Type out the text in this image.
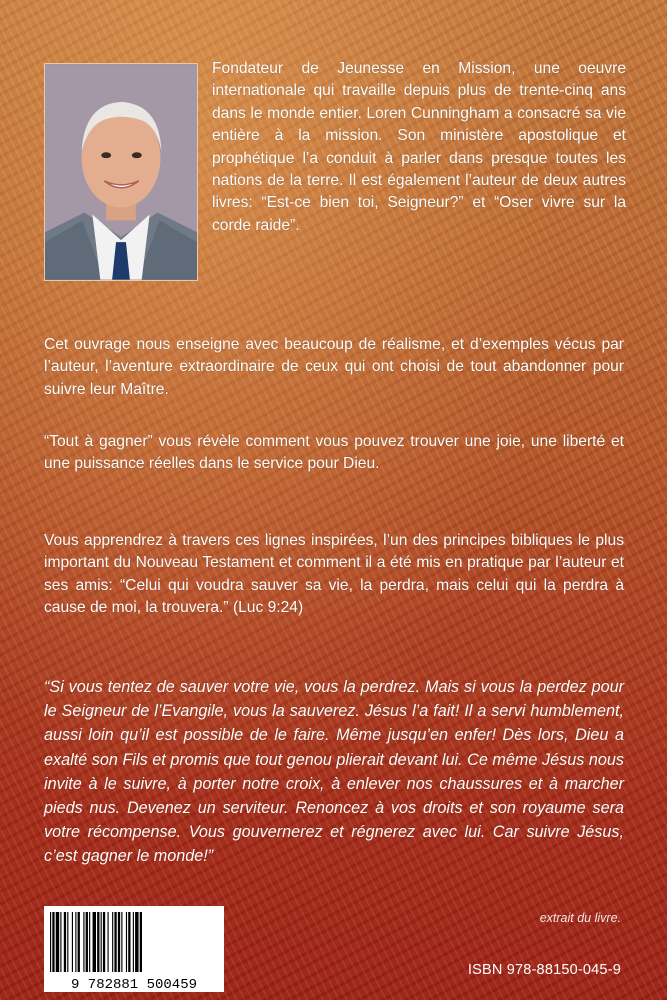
Fondateur de Jeunesse en Mission, une oeuvre internationale qui travaille depuis plus de trente-cinq ans dans le monde entier. Loren Cunningham a consacré sa vie entière à la mission. Son ministère apostolique et prophétique l’a conduit à parler dans presque toutes les nations de la terre. Il est également l’auteur de deux autres livres: “Est-ce bien toi, Seigneur?” et “Oser vivre sur la corde raide”.

Cet ouvrage nous enseigne avec beaucoup de réalisme, et d’exemples vécus par l’auteur, l’aventure extraordinaire de ceux qui ont choisi de tout abandonner pour suivre leur Maître.

“Tout à gagner” vous révèle comment vous pouvez trouver une joie, une liberté et une puissance réelles dans le service pour Dieu.

Vous apprendrez à travers ces lignes inspirées, l’un des principes bibliques le plus important du Nouveau Testament et comment il a été mis en pratique par l’auteur et ses amis: “Celui qui voudra sauver sa vie, la perdra, mais celui qui la perdra à cause de moi, la trouvera.” (Luc 9:24)

“Si vous tentez de sauver votre vie, vous la perdrez. Mais si vous la perdez pour le Seigneur de l’Evangile, vous la sauverez. Jésus l’a fait! Il a servi humblement, aussi loin qu’il est possible de le faire. Même jusqu’en enfer! Dès lors, Dieu a exalté son Fils et promis que tout genou plierait devant lui. Ce même Jésus nous invite à le suivre, à porter notre croix, à enlever nos chaussures et à marcher pieds nus. Devenez un serviteur. Renoncez à vos droits et son royaume sera votre récompense. Vous gouvernerez et régnerez avec lui. Car suivre Jésus, c’est gagner le monde!”

extrait du livre.

9 782881 500459

ISBN 978-88150-045-9
